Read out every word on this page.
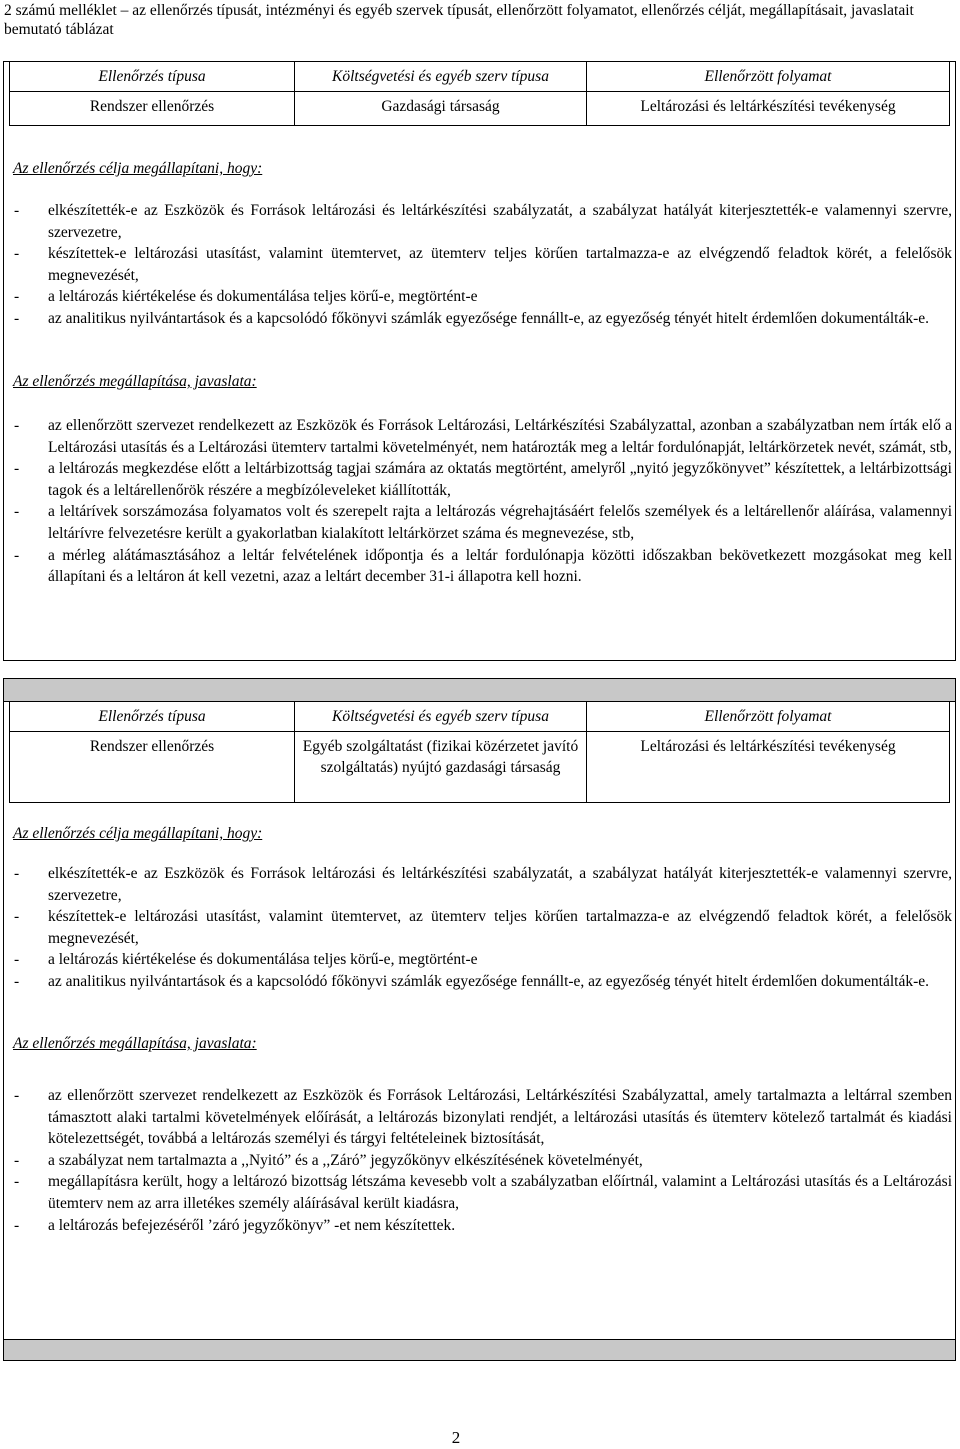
2 számú melléklet – az ellenőrzés típusát, intézményi és egyéb szervek típusát, ellenőrzött folyamatot, ellenőrzés célját, megállapításait, javaslatait bemutató táblázat
Ellenőrzés típusa	Költségvetési és egyéb szerv típusa	Ellenőrzött folyamat
Rendszer ellenőrzés	Gazdasági társaság	Leltározási és leltárkészítési tevékenység
Az ellenőrzés célja megállapítani, hogy:
- elkészítették-e az Eszközök és Források leltározási és leltárkészítési szabályzatát, a szabályzat hatályát kiterjesztették-e valamennyi szervre, szervezetre,
- készítettek-e leltározási utasítást, valamint ütemtervet, az ütemterv teljes körűen tartalmazza-e az elvégzendő feladtok körét, a felelősök megnevezését,
- a leltározás kiértékelése és dokumentálása teljes körű-e, megtörtént-e
- az analitikus nyilvántartások és a kapcsolódó főkönyvi számlák egyezősége fennállt-e, az egyezőség tényét hitelt érdemlően dokumentálták-e.
Az ellenőrzés megállapítása, javaslata:
- az ellenőrzött szervezet rendelkezett az Eszközök és Források Leltározási, Leltárkészítési Szabályzattal, azonban a szabályzatban nem írták elő a Leltározási utasítás és a Leltározási ütemterv tartalmi követelményét, nem határozták meg a leltár fordulónapját, leltárkörzetek nevét, számát, stb,
- a leltározás megkezdése előtt a leltárbizottság tagjai számára az oktatás megtörtént, amelyről „nyitó jegyzőkönyvet” készítettek, a leltárbizottsági tagok és a leltárellenőrök részére a megbízóleveleket kiállították,
- a leltárívek sorszámozása folyamatos volt és szerepelt rajta a leltározás végrehajtásáért felelős személyek és a leltárellenőr aláírása, valamennyi leltárívre felvezetésre került a gyakorlatban kialakított leltárkörzet száma és megnevezése, stb,
- a mérleg alátámasztásához a leltár felvételének időpontja és a leltár fordulónapja közötti időszakban bekövetkezett mozgásokat meg kell állapítani és a leltáron át kell vezetni, azaz a leltárt december 31-i állapotra kell hozni.
Ellenőrzés típusa	Költségvetési és egyéb szerv típusa	Ellenőrzött folyamat
Rendszer ellenőrzés	Egyéb szolgáltatást (fizikai közérzetet javító szolgáltatás) nyújtó gazdasági társaság	Leltározási és leltárkészítési tevékenység
Az ellenőrzés célja megállapítani, hogy:
- elkészítették-e az Eszközök és Források leltározási és leltárkészítési szabályzatát, a szabályzat hatályát kiterjesztették-e valamennyi szervre, szervezetre,
- készítettek-e leltározási utasítást, valamint ütemtervet, az ütemterv teljes körűen tartalmazza-e az elvégzendő feladtok körét, a felelősök megnevezését,
- a leltározás kiértékelése és dokumentálása teljes körű-e, megtörtént-e
- az analitikus nyilvántartások és a kapcsolódó főkönyvi számlák egyezősége fennállt-e, az egyezőség tényét hitelt érdemlően dokumentálták-e.
Az ellenőrzés megállapítása, javaslata:
- az ellenőrzött szervezet rendelkezett az Eszközök és Források Leltározási, Leltárkészítési Szabályzattal, amely tartalmazta a leltárral szemben támasztott alaki tartalmi követelmények előírását, a leltározás bizonylati rendjét, a leltározási utasítás és ütemterv kötelező tartalmát és kiadási kötelezettségét, továbbá a leltározás személyi és tárgyi feltételeinek biztosítását,
- a szabályzat nem tartalmazta a ,,Nyitó” és a ,,Záró” jegyzőkönyv elkészítésének követelményét,
- megállapításra került, hogy a leltározó bizottság létszáma kevesebb volt a szabályzatban előírtnál, valamint a Leltározási utasítás és a Leltározási ütemterv nem az arra illetékes személy aláírásával került kiadásra,
- a leltározás befejezéséről ’záró jegyzőkönyv” -et nem készítettek.
2
